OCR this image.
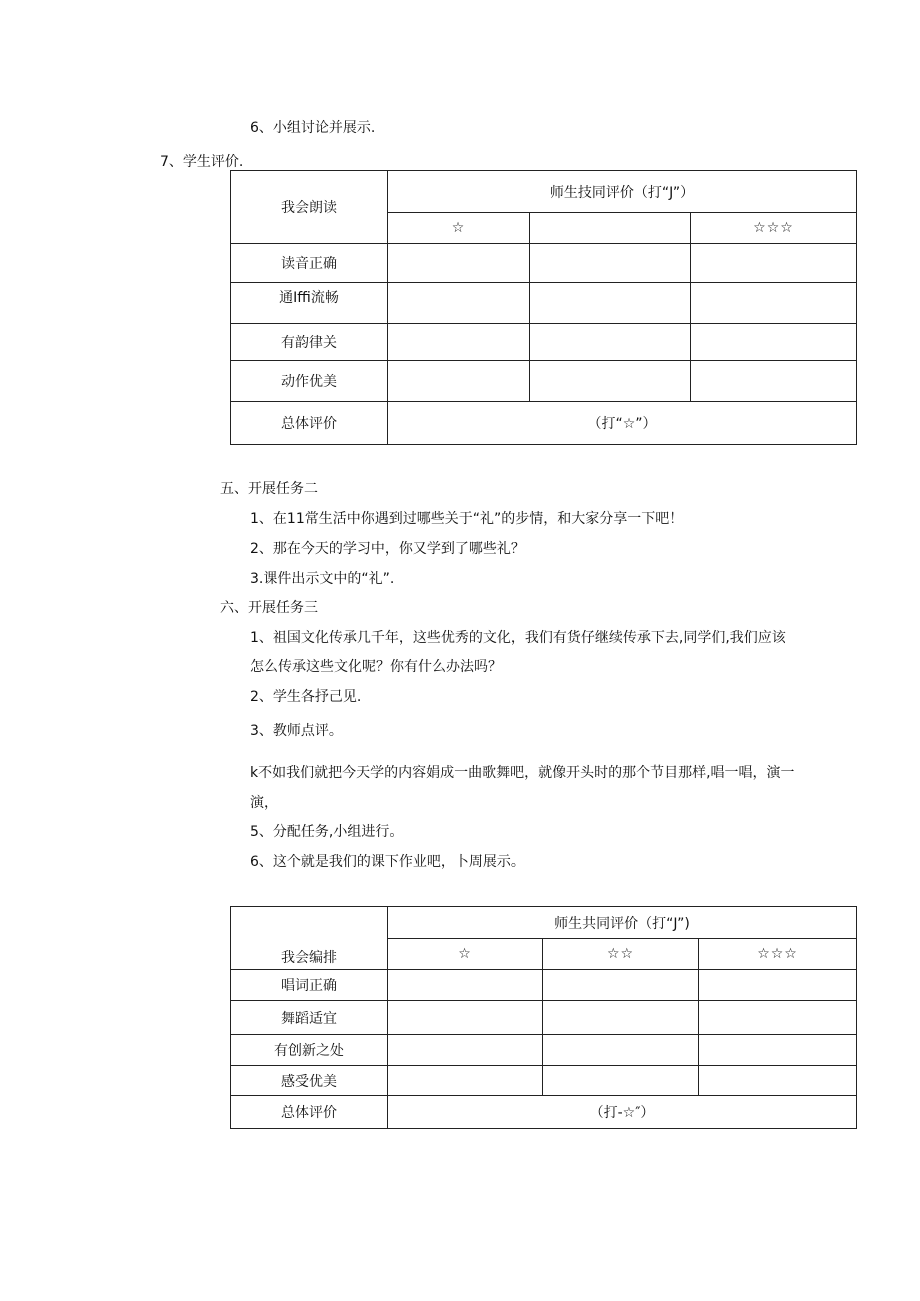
6、小组讨论并展示.
7、学生评价.
我会朗读	师生技同评价（打“J”）		
	☆		☆☆☆
读音正确			
通Iffi流畅			
有韵律关			
动作优美			
总体评价	（打“☆”）		
五、开展任务二
1、在11常生活中你遇到过哪些关于“礼”的步情，和大家分享一下吧！
2、那在今天的学习中，你又学到了哪些礼？
3.课件出示文中的“礼”.
六、开展任务三
1、祖国文化传承几千年，这些优秀的文化，我们有货仔继续传承下去,同学们,我们应该
怎么传承这些文化呢？你有什么办法吗？
2、学生各抒己见.
3、教师点评。
k不如我们就把今天学的内容娟成一曲歌舞吧，就像开头时的那个节目那样,唱一唱，演一
演，
5、分配任务,小组进行。
6、这个就是我们的课下作业吧，卜周展示。
我会编排	师生共同评价（打“J”)		
	☆	☆☆	☆☆☆
唱词正确			
舞蹈适宜			
有创新之处			
感受优美			
总体评价	（打-☆″）		
